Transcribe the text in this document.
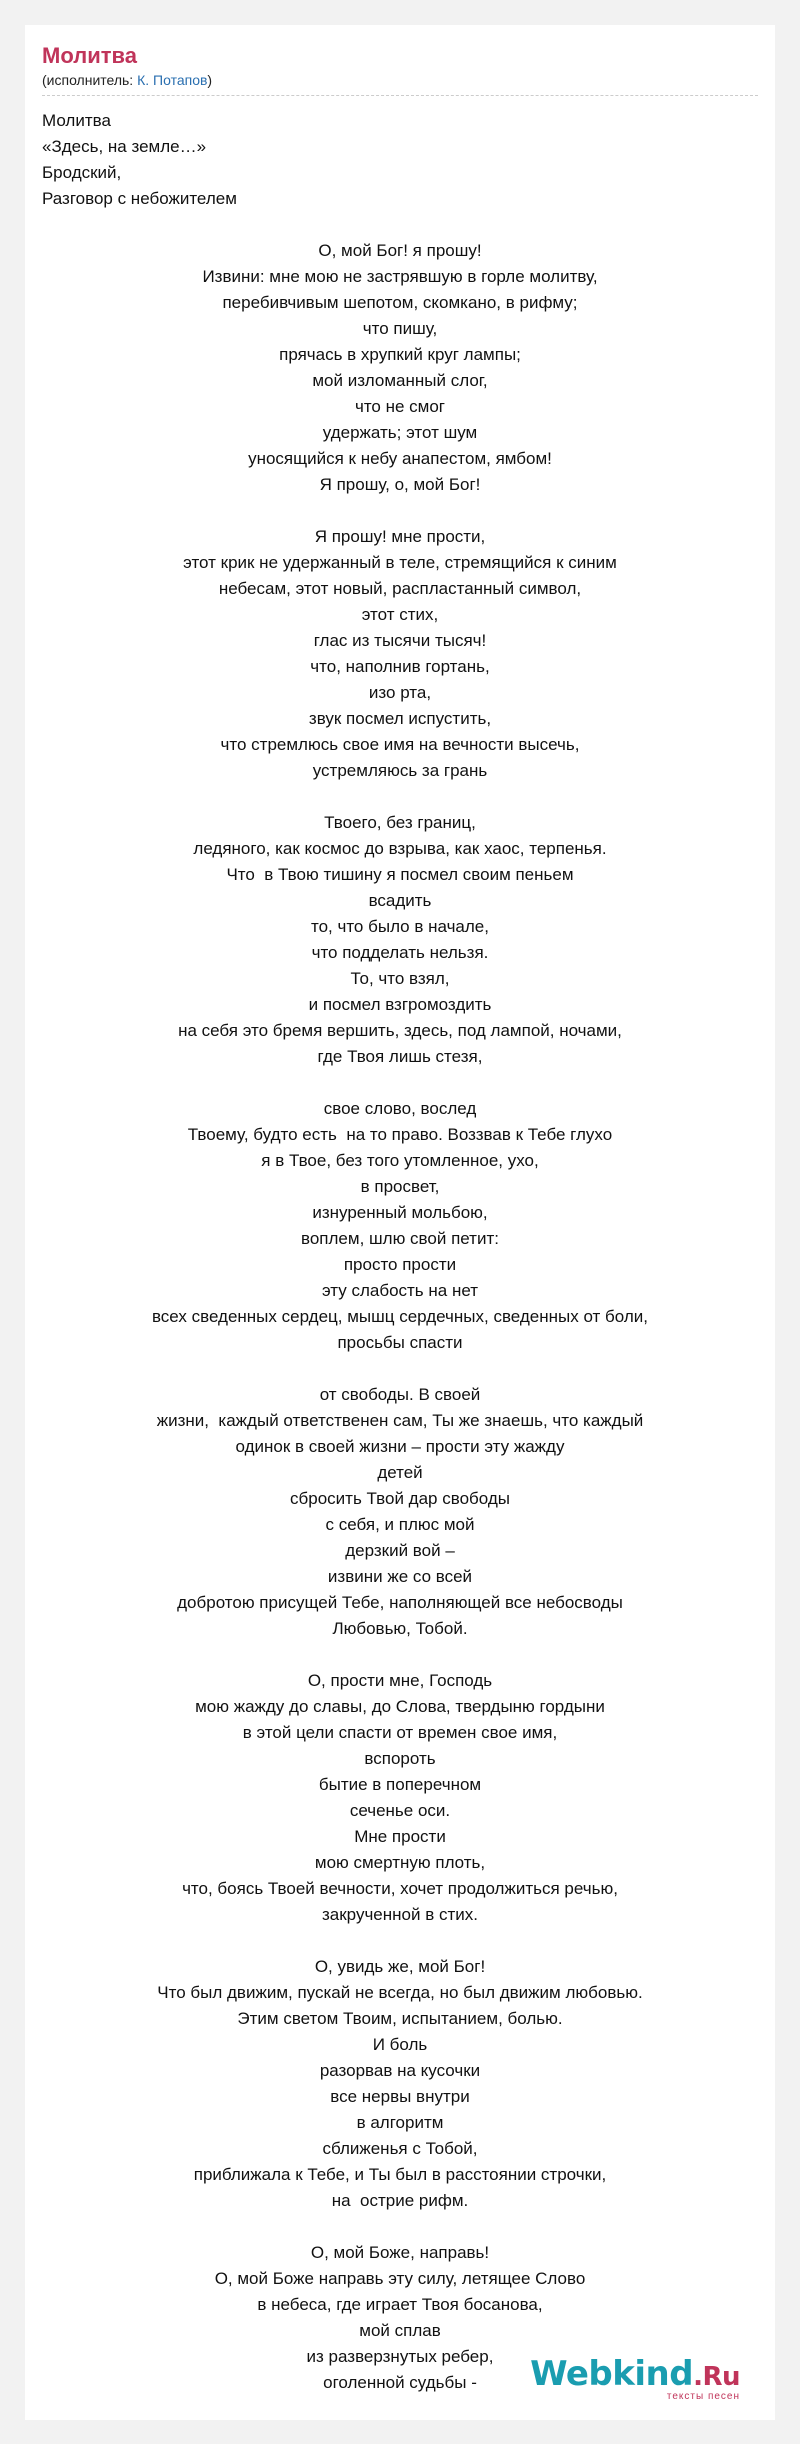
Молитва
(исполнитель: К. Потапов)
Молитва
«Здесь, на земле…»
Бродский,
Разговор с небожителем
О, мой Бог! я прошу!
Извини: мне мою не застрявшую в горле молитву,
перебивчивым шепотом, скомкано, в рифму;
что пишу,
прячась в хрупкий круг лампы;
мой изломанный слог,
что не смог
удержать; этот шум
уносящийся к небу анапестом, ямбом!
Я прошу, о, мой Бог!
Я прошу! мне прости,
этот крик не удержанный в теле, стремящийся к синим
небесам, этот новый, распластанный символ,
этот стих,
глас из тысячи тысяч!
что, наполнив гортань,
изо рта,
звук посмел испустить,
что стремлюсь свое имя на вечности высечь,
устремляюсь за грань
Твоего, без границ,
ледяного, как космос до взрыва, как хаос, терпенья.
Что  в Твою тишину я посмел своим пеньем
всадить
то, что было в начале,
что подделать нельзя.
То, что взял,
и посмел взгромоздить
на себя это бремя вершить, здесь, под лампой, ночами,
где Твоя лишь стезя,
свое слово, вослед
Твоему, будто есть  на то право. Воззвав к Тебе глухо
я в Твое, без того утомленное, ухо,
в просвет,
изнуренный мольбою,
воплем, шлю свой петит:
просто прости
эту слабость на нет
всех сведенных сердец, мышц сердечных, сведенных от боли,
просьбы спасти
от свободы. В своей
жизни,  каждый ответственен сам, Ты же знаешь, что каждый
одинок в своей жизни – прости эту жажду
детей
сбросить Твой дар свободы
с себя, и плюс мой
дерзкий вой –
извини же со всей
добротою присущей Тебе, наполняющей все небосводы
Любовью, Тобой.
О, прости мне, Господь
мою жажду до славы, до Слова, твердыню гордыни
в этой цели спасти от времен свое имя,
вспороть
бытие в поперечном
сеченье оси.
Мне прости
мою смертную плоть,
что, боясь Твоей вечности, хочет продолжиться речью,
закрученной в стих.
О, увидь же, мой Бог!
Что был движим, пускай не всегда, но был движим любовью.
Этим светом Твоим, испытанием, болью.
И боль
разорвав на кусочки
все нервы внутри
в алгоритм
сближенья с Тобой,
приближала к Тебе, и Ты был в расстоянии строчки,
на  острие рифм.
О, мой Боже, направь!
О, мой Боже направь эту силу, летящее Слово
в небеса, где играет Твоя босанова,
мой сплав
из разверзнутых ребер,
оголенной судьбы -	Webkind.Ru
тексты песен
